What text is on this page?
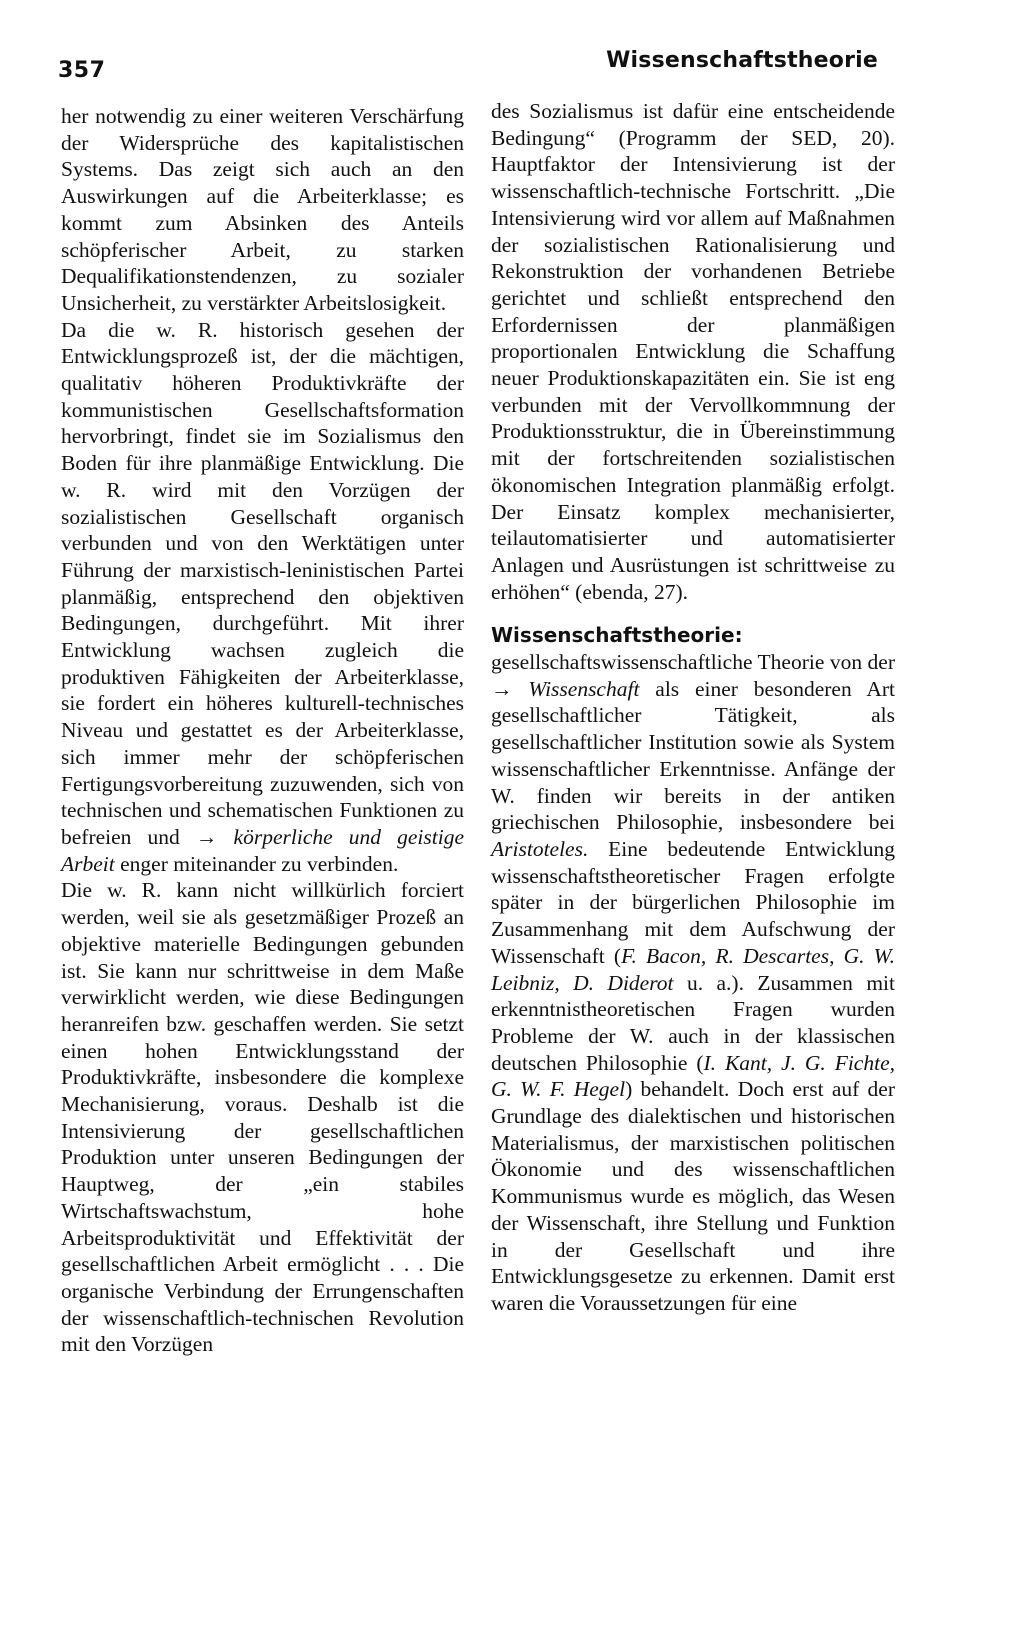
357	Wissenschaftstheorie

her notwendig zu einer weiteren Verschärfung der Widersprüche des kapitalistischen Systems. Das zeigt sich auch an den Auswirkungen auf die Arbeiterklasse; es kommt zum Absinken des Anteils schöpferischer Arbeit, zu starken Dequalifikationstendenzen, zu sozialer Unsicherheit, zu verstärkter Arbeitslosigkeit.

Da die w. R. historisch gesehen der Entwicklungsprozeß ist, der die mächtigen, qualitativ höheren Produktivkräfte der kommunistischen Gesellschaftsformation hervorbringt, findet sie im Sozialismus den Boden für ihre planmäßige Entwicklung. Die w. R. wird mit den Vorzügen der sozialistischen Gesellschaft organisch verbunden und von den Werktätigen unter Führung der marxistisch-leninistischen Partei planmäßig, entsprechend den objektiven Bedingungen, durchgeführt. Mit ihrer Entwicklung wachsen zugleich die produktiven Fähigkeiten der Arbeiterklasse, sie fordert ein höheres kulturell-technisches Niveau und gestattet es der Arbeiterklasse, sich immer mehr der schöpferischen Fertigungsvorbereitung zuzuwenden, sich von technischen und schematischen Funktionen zu befreien und → körperliche und geistige Arbeit enger miteinander zu verbinden.

Die w. R. kann nicht willkürlich forciert werden, weil sie als gesetzmäßiger Prozeß an objektive materielle Bedingungen gebunden ist. Sie kann nur schrittweise in dem Maße verwirklicht werden, wie diese Bedingungen heranreifen bzw. geschaffen werden. Sie setzt einen hohen Entwicklungsstand der Produktivkräfte, insbesondere die komplexe Mechanisierung, voraus. Deshalb ist die Intensivierung der gesellschaftlichen Produktion unter unseren Bedingungen der Hauptweg, der „ein stabiles Wirtschaftswachstum, hohe Arbeitsproduktivität und Effektivität der gesellschaftlichen Arbeit ermöglicht . . . Die organische Verbindung der Errungenschaften der wissenschaftlich-technischen Revolution mit den Vorzügen

des Sozialismus ist dafür eine entscheidende Bedingung“ (Programm der SED, 20). Hauptfaktor der Intensivierung ist der wissenschaftlich-technische Fortschritt. „Die Intensivierung wird vor allem auf Maßnahmen der sozialistischen Rationalisierung und Rekonstruktion der vorhandenen Betriebe gerichtet und schließt entsprechend den Erfordernissen der planmäßigen proportionalen Entwicklung die Schaffung neuer Produktionskapazitäten ein. Sie ist eng verbunden mit der Vervollkommnung der Produktionsstruktur, die in Übereinstimmung mit der fortschreitenden sozialistischen ökonomischen Integration planmäßig erfolgt. Der Einsatz komplex mechanisierter, teilautomatisierter und automatisierter Anlagen und Ausrüstungen ist schrittweise zu erhöhen“ (ebenda, 27).

Wissenschaftstheorie: gesellschaftswissenschaftliche Theorie von der → Wissenschaft als einer besonderen Art gesellschaftlicher Tätigkeit, als gesellschaftlicher Institution sowie als System wissenschaftlicher Erkenntnisse. Anfänge der W. finden wir bereits in der antiken griechischen Philosophie, insbesondere bei Aristoteles. Eine bedeutende Entwicklung wissenschaftstheoretischer Fragen erfolgte später in der bürgerlichen Philosophie im Zusammenhang mit dem Aufschwung der Wissenschaft (F. Bacon, R. Descartes, G. W. Leibniz, D. Diderot u. a.). Zusammen mit erkenntnistheoretischen Fragen wurden Probleme der W. auch in der klassischen deutschen Philosophie (I. Kant, J. G. Fichte, G. W. F. Hegel) behandelt. Doch erst auf der Grundlage des dialektischen und historischen Materialismus, der marxistischen politischen Ökonomie und des wissenschaftlichen Kommunismus wurde es möglich, das Wesen der Wissenschaft, ihre Stellung und Funktion in der Gesellschaft und ihre Entwicklungsgesetze zu erkennen. Damit erst waren die Voraussetzungen für eine
